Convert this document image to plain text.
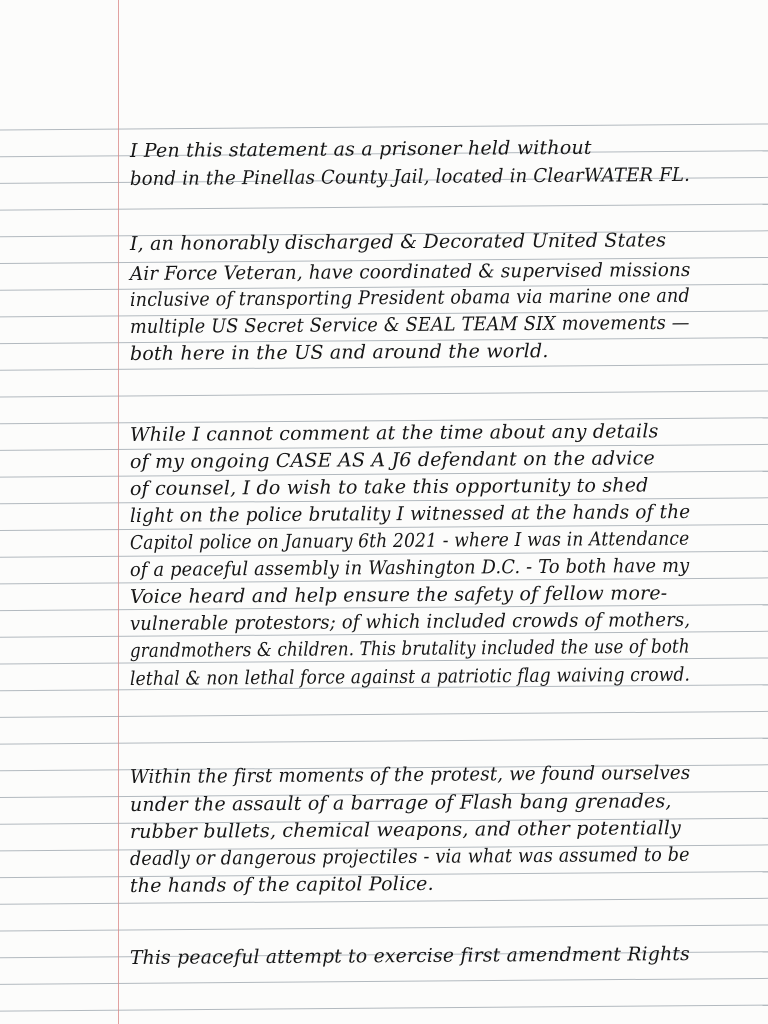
I Pen this statement as a prisoner held without
bond in the Pinellas County Jail, located in ClearWATER FL.
I, an honorably discharged & Decorated United States
Air Force Veteran, have coordinated & supervised missions
inclusive of transporting President obama via marine one and
multiple US Secret Service & SEAL TEAM SIX movements —
both here in the US and around the world.
While I cannot comment at the time about any details
of my ongoing CASE AS A J6 defendant on the advice
of counsel, I do wish to take this opportunity to shed
light on the police brutality I witnessed at the hands of the
Capitol police on January 6th 2021 - where I was in Attendance
of a peaceful assembly in Washington D.C. - To both have my
Voice heard and help ensure the safety of fellow more-
vulnerable protestors; of which included crowds of mothers,
grandmothers & children. This brutality included the use of both
lethal & non lethal force against a patriotic flag waiving crowd.
Within the first moments of the protest, we found ourselves
under the assault of a barrage of Flash bang grenades,
rubber bullets, chemical weapons, and other potentially
deadly or dangerous projectiles - via what was assumed to be
the hands of the capitol Police.
This peaceful attempt to exercise first amendment Rights
